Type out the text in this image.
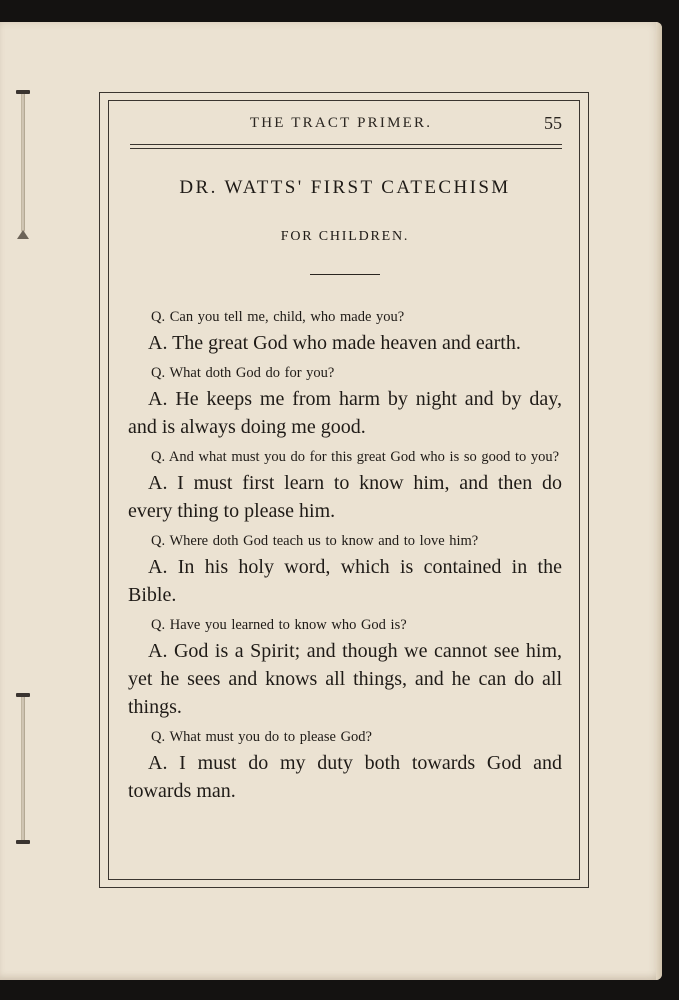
THE TRACT PRIMER.	55
DR. WATTS' FIRST CATECHISM
FOR CHILDREN.

Q. Can you tell me, child, who made you?

A. The great God who made heaven and earth.

Q. What doth God do for you?

A. He keeps me from harm by night and by day, and is always doing me good.

Q. And what must you do for this great God who is so good to you?

A. I must first learn to know him, and then do every thing to please him.

Q. Where doth God teach us to know and to love him?

A. In his holy word, which is contained in the Bible.

Q. Have you learned to know who God is?

A. God is a Spirit; and though we cannot see him, yet he sees and knows all things, and he can do all things.

Q. What must you do to please God?

A. I must do my duty both towards God and towards man.
